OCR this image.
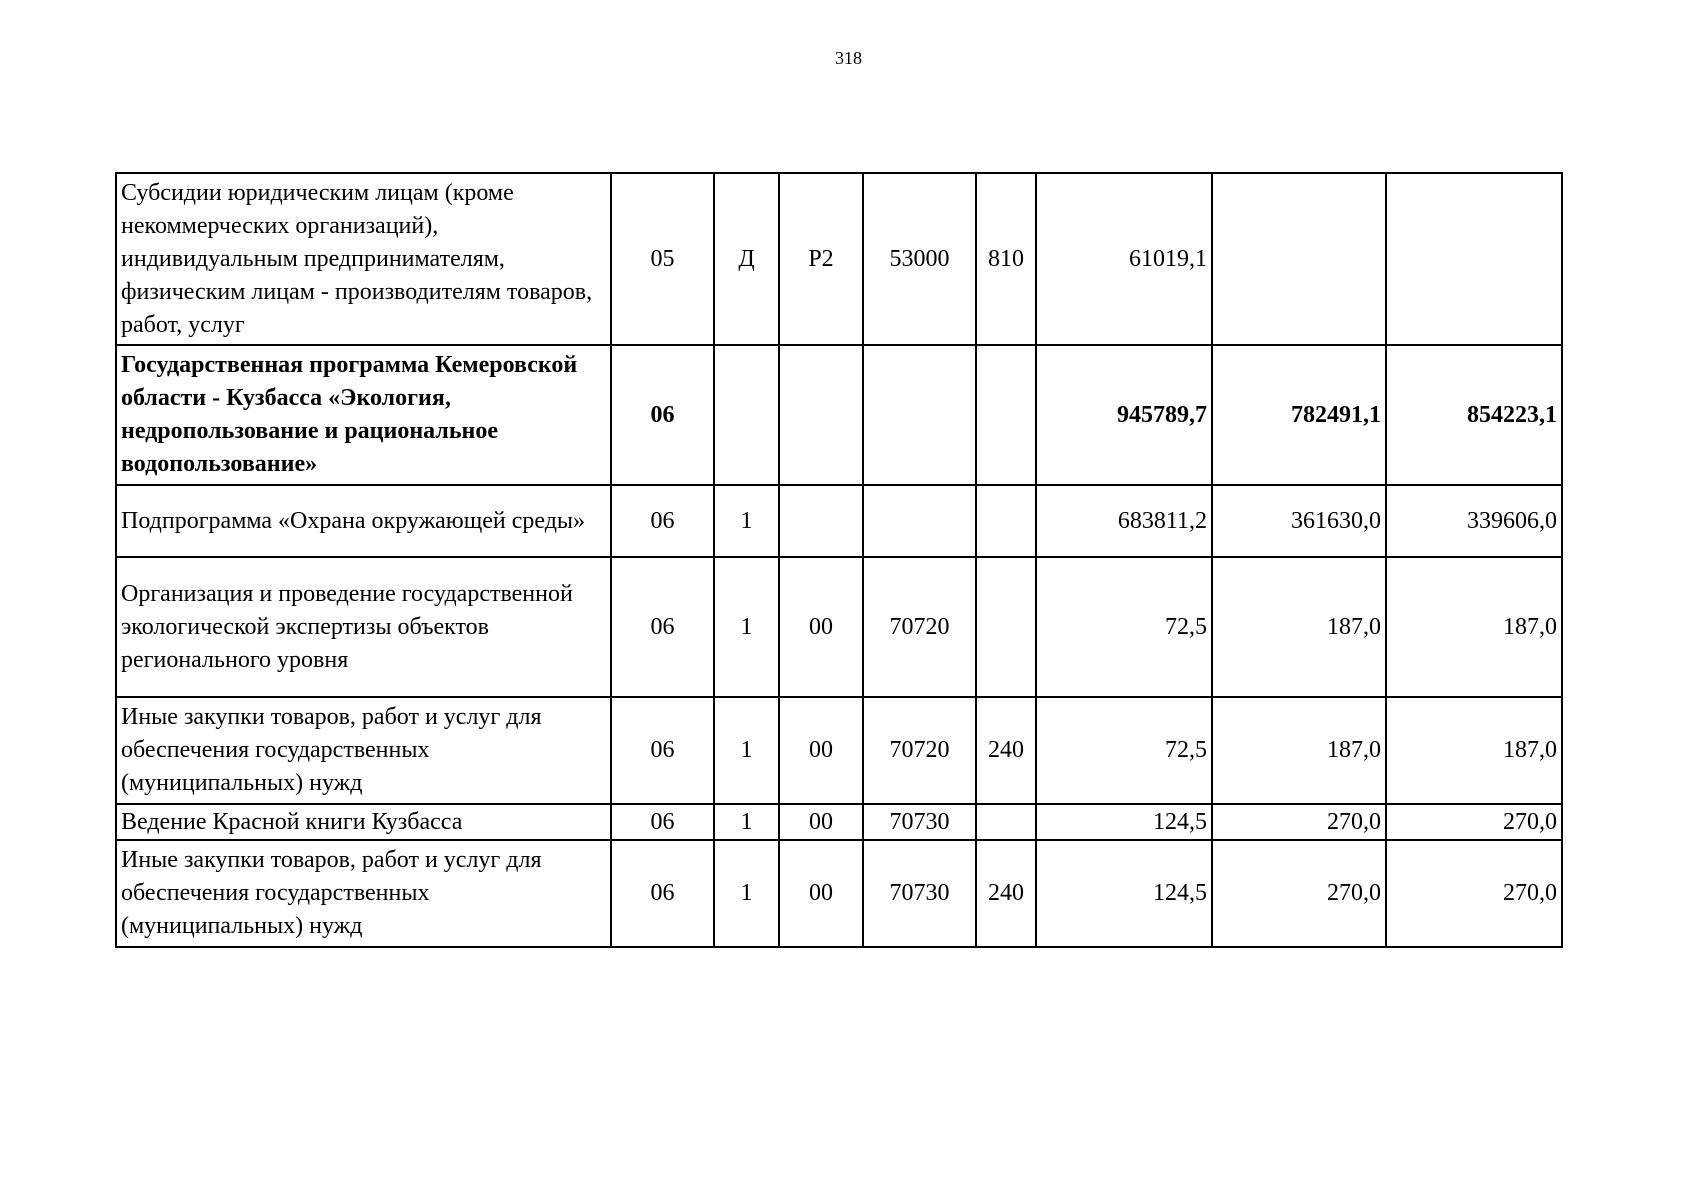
318
Субсидии юридическим лицам (кроме некоммерческих организаций), индивидуальным предпринимателям, физическим лицам - производителям товаров, работ, услуг	05	Д	Р2	53000	810	61019,1		
Государственная программа Кемеровской области - Кузбасса «Экология, недропользование и рациональное водопользование»	06					945789,7	782491,1	854223,1
Подпрограмма «Охрана окружающей среды»	06	1				683811,2	361630,0	339606,0
Организация и проведение государственной экологической экспертизы объектов регионального уровня	06	1	00	70720		72,5	187,0	187,0
Иные закупки товаров, работ и услуг для обеспечения государственных (муниципальных) нужд	06	1	00	70720	240	72,5	187,0	187,0
Ведение Красной книги Кузбасса	06	1	00	70730		124,5	270,0	270,0
Иные закупки товаров, работ и услуг для обеспечения государственных (муниципальных) нужд	06	1	00	70730	240	124,5	270,0	270,0
